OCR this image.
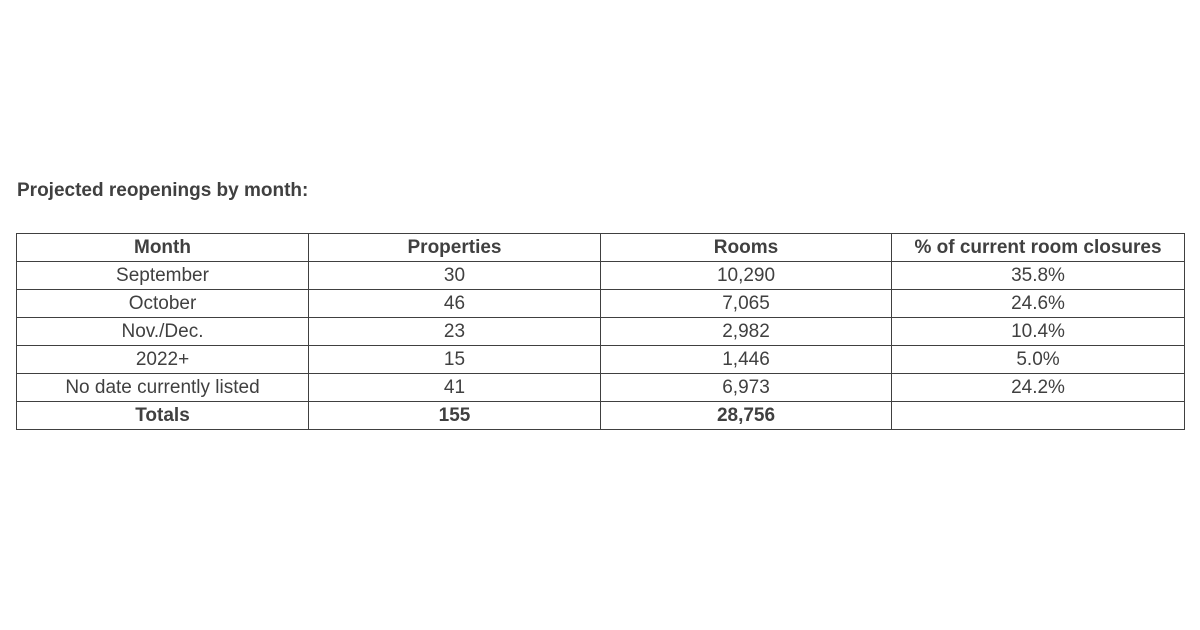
Projected reopenings by month:
Month	Properties	Rooms	% of current room closures
September	30	10,290	35.8%
October	46	7,065	24.6%
Nov./Dec.	23	2,982	10.4%
2022+	15	1,446	5.0%
No date currently listed	41	6,973	24.2%
Totals	155	28,756	
